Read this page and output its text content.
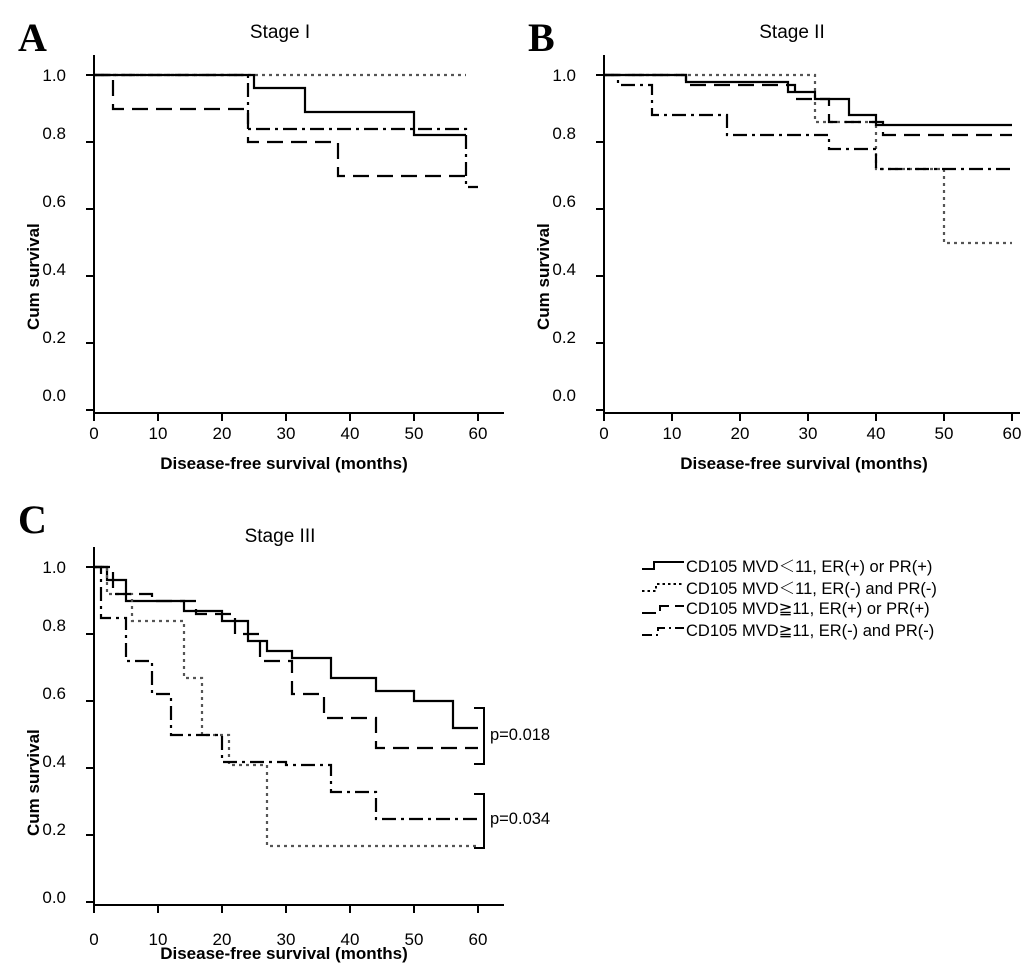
A	Stage I
Cum survival
1.0
0.8
0.6
0.4
0.2
0.0
0	10	20	30	40	50	60
Disease-free survival (months)
B	Stage II
Cum survival
1.0
0.8
0.6
0.4
0.2
0.0
0	10	20	30	40	50	60
Disease-free survival (months)
C	Stage III
Cum survival
1.0
0.8
0.6
0.4
0.2
0.0
0	10	20	30	40	50	60
Disease-free survival (months)
p=0.018
p=0.034
CD105 MVD＜11, ER(+) or PR(+)
CD105 MVD＜11, ER(-) and PR(-)
CD105 MVD≧11, ER(+) or PR(+)
CD105 MVD≧11, ER(-) and PR(-)
